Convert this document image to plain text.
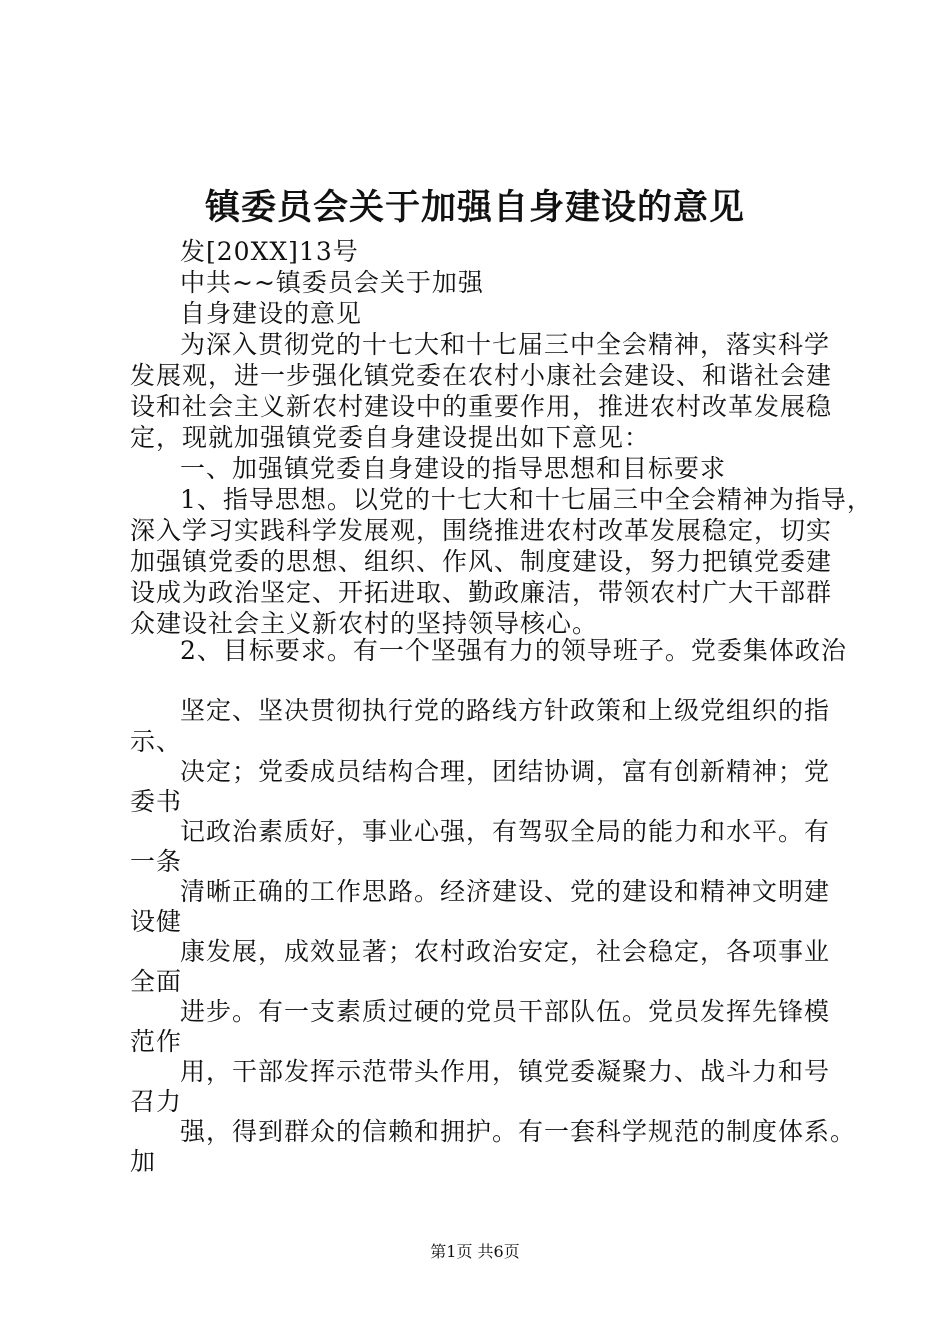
镇委员会关于加强自身建设的意见
发[20XX]13号
中共~~镇委员会关于加强
自身建设的意见
为深入贯彻党的十七大和十七届三中全会精神，落实科学
发展观，进一步强化镇党委在农村小康社会建设、和谐社会建
设和社会主义新农村建设中的重要作用，推进农村改革发展稳
定，现就加强镇党委自身建设提出如下意见：
一、加强镇党委自身建设的指导思想和目标要求
1、指导思想。以党的十七大和十七届三中全会精神为指导，
深入学习实践科学发展观，围绕推进农村改革发展稳定，切实
加强镇党委的思想、组织、作风、制度建设，努力把镇党委建
设成为政治坚定、开拓进取、勤政廉洁，带领农村广大干部群
众建设社会主义新农村的坚持领导核心。
2、目标要求。有一个坚强有力的领导班子。党委集体政治
坚定、坚决贯彻执行党的路线方针政策和上级党组织的指
示、
决定；党委成员结构合理，团结协调，富有创新精神；党
委书
记政治素质好，事业心强，有驾驭全局的能力和水平。有
一条
清晰正确的工作思路。经济建设、党的建设和精神文明建
设健
康发展，成效显著；农村政治安定，社会稳定，各项事业
全面
进步。有一支素质过硬的党员干部队伍。党员发挥先锋模
范作
用，干部发挥示范带头作用，镇党委凝聚力、战斗力和号
召力
强，得到群众的信赖和拥护。有一套科学规范的制度体系。
加
第1页 共6页
